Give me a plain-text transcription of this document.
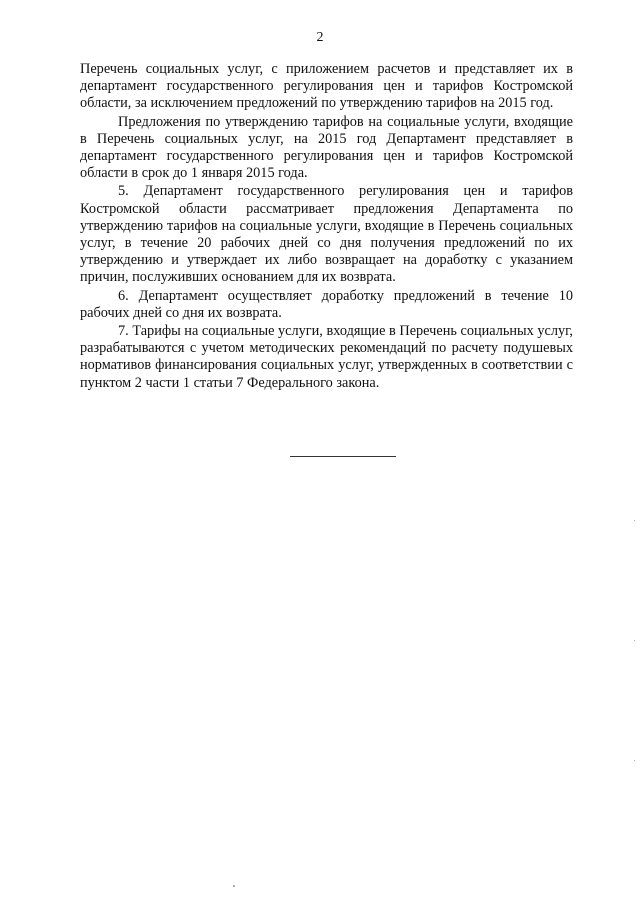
2

Перечень социальных услуг, с приложением расчетов и представляет их в департамент государственного регулирования цен и тарифов Костромской области, за исключением предложений по утверждению тарифов на 2015 год.

Предложения по утверждению тарифов на социальные услуги, входящие в Перечень социальных услуг, на 2015 год Департамент представляет в департамент государственного регулирования цен и тарифов Костромской области в срок до 1 января 2015 года.

5. Департамент государственного регулирования цен и тарифов Костромской области рассматривает предложения Департамента по утверждению тарифов на социальные услуги, входящие в Перечень социальных услуг, в течение 20 рабочих дней со дня получения предложений по их утверждению и утверждает их либо возвращает на доработку с указанием причин, послуживших основанием для их возврата.

6. Департамент осуществляет доработку предложений в течение 10 рабочих дней со дня их возврата.

7. Тарифы на социальные услуги, входящие в Перечень социальных услуг, разрабатываются с учетом методических рекомендаций по расчету подушевых нормативов финансирования социальных услуг, утвержденных в соответствии с пунктом 2 части 1 статьи 7 Федерального закона.
